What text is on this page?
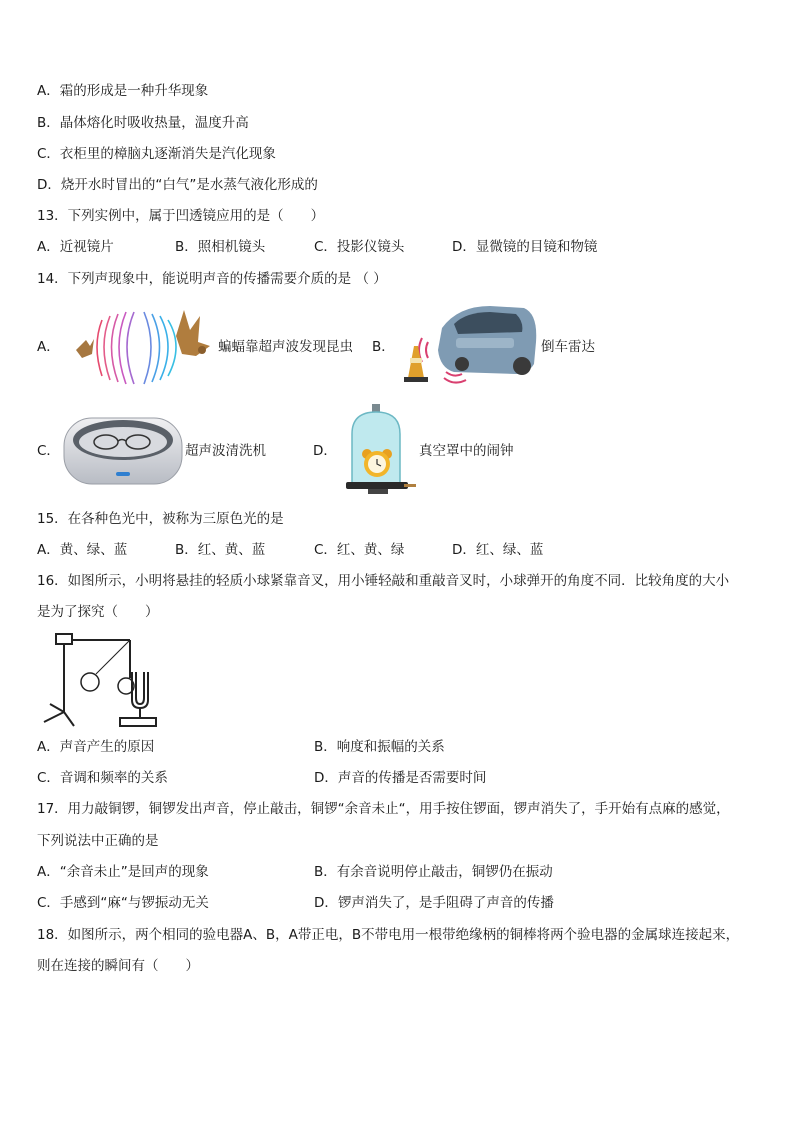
A．霜的形成是一种升华现象
B．晶体熔化时吸收热量，温度升高
C．衣柜里的樟脑丸逐渐消失是汽化现象
D．烧开水时冒出的“白气”是水蒸气液化形成的
13．下列实例中，属于凹透镜应用的是（　　）
A．近视镜片	B．照相机镜头	C．投影仪镜头	D．显微镜的目镜和物镜
14．下列声现象中，能说明声音的传播需要介质的是 （ ）
A．	蝙蝠靠超声波发现昆虫 B．	倒车雷达
C．	超声波清洗机	D．	真空罩中的闹钟
15．在各种色光中，被称为三原色光的是
A．黄、绿、蓝	B．红、黄、蓝	C．红、黄、绿	D．红、绿、蓝
16．如图所示，小明将悬挂的轻质小球紧靠音叉，用小锤轻敲和重敲音叉时，小球弹开的角度不同．比较角度的大小
是为了探究（　　）
A．声音产生的原因	B．响度和振幅的关系
C．音调和频率的关系	D．声音的传播是否需要时间
17．用力敲铜锣，铜锣发出声音，停止敲击，铜锣“余音未止“，用手按住锣面，锣声消失了，手开始有点麻的感觉，
下列说法中正确的是
A．“余音未止”是回声的现象	B．有余音说明停止敲击，铜锣仍在振动
C．手感到“麻“与锣振动无关	D．锣声消失了，是手阻碍了声音的传播
18．如图所示，两个相同的验电器A、B，A带正电，B不带电用一根带绝缘柄的铜棒将两个验电器的金属球连接起来，
则在连接的瞬间有（　　）
